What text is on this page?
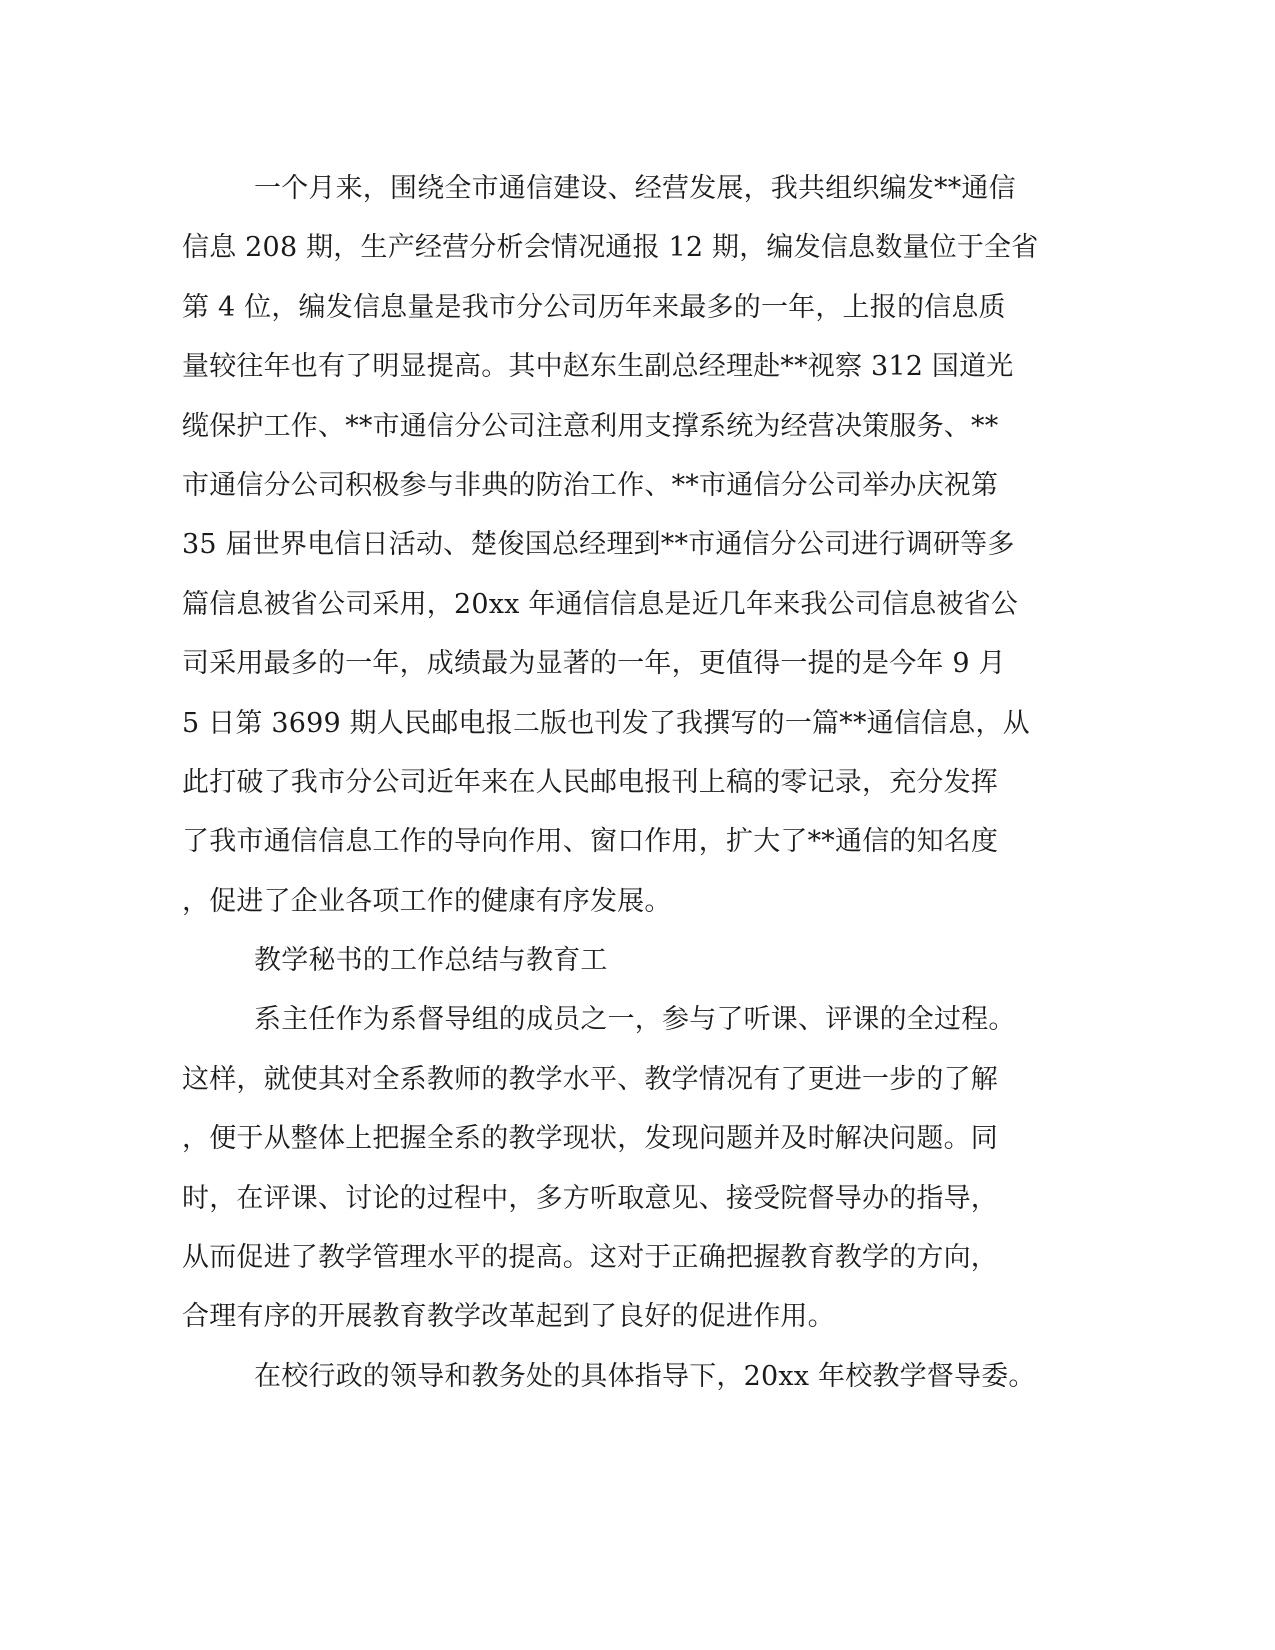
一个月来，围绕全市通信建设、经营发展，我共组织编发**通信
信息 208 期，生产经营分析会情况通报 12 期，编发信息数量位于全省
第 4 位，编发信息量是我市分公司历年来最多的一年，上报的信息质
量较往年也有了明显提高。其中赵东生副总经理赴**视察 312 国道光
缆保护工作、**市通信分公司注意利用支撑系统为经营决策服务、**
市通信分公司积极参与非典的防治工作、**市通信分公司举办庆祝第
35 届世界电信日活动、楚俊国总经理到**市通信分公司进行调研等多
篇信息被省公司采用，20xx 年通信信息是近几年来我公司信息被省公
司采用最多的一年，成绩最为显著的一年，更值得一提的是今年 9 月
5 日第 3699 期人民邮电报二版也刊发了我撰写的一篇**通信信息，从
此打破了我市分公司近年来在人民邮电报刊上稿的零记录，充分发挥
了我市通信信息工作的导向作用、窗口作用，扩大了**通信的知名度
，促进了企业各项工作的健康有序发展。
教学秘书的工作总结与教育工
系主任作为系督导组的成员之一，参与了听课、评课的全过程。
这样，就使其对全系教师的教学水平、教学情况有了更进一步的了解
，便于从整体上把握全系的教学现状，发现问题并及时解决问题。同
时，在评课、讨论的过程中，多方听取意见、接受院督导办的指导，
从而促进了教学管理水平的提高。这对于正确把握教育教学的方向，
合理有序的开展教育教学改革起到了良好的促进作用。
在校行政的领导和教务处的具体指导下，20xx 年校教学督导委。
